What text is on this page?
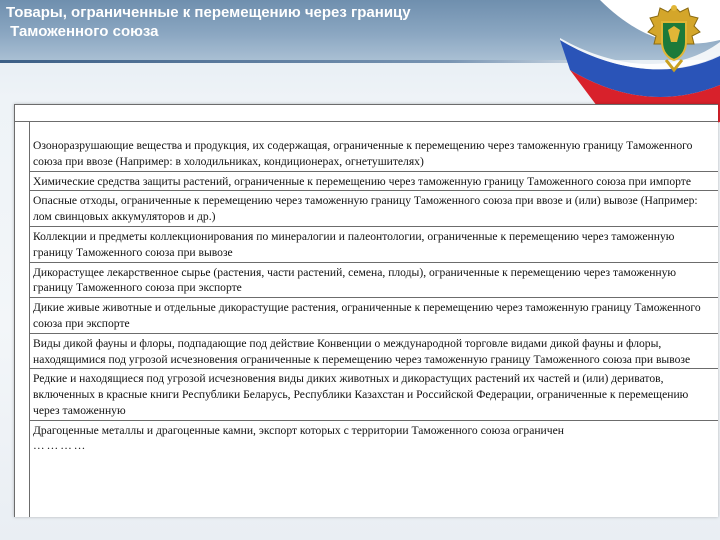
Товары, ограниченные к перемещению через границу
Таможенного союза
Озоноразрушающие вещества и продукция, их содержащая, ограниченные к перемещению через таможенную границу Таможенного союза при ввозе (Например: в холодильниках, кондиционерах, огнетушителях)
Химические средства защиты растений, ограниченные к перемещению через таможенную границу Таможенного союза при импорте
Опасные отходы, ограниченные к перемещению через таможенную границу Таможенного союза при ввозе и (или) вывозе (Например: лом свинцовых аккумуляторов и др.)
Коллекции и предметы коллекционирования по минералогии и палеонтологии, ограниченные к перемещению через таможенную границу Таможенного союза при вывозе
Дикорастущее лекарственное сырье (растения, части растений, семена, плоды), ограниченные к перемещению через таможенную границу Таможенного союза при экспорте
Дикие живые животные и отдельные дикорастущие растения, ограниченные к перемещению через таможенную границу Таможенного союза при экспорте
Виды дикой фауны и флоры, подпадающие под действие Конвенции о международной торговле видами дикой фауны и флоры, находящимися под угрозой исчезновения ограниченные к перемещению через таможенную границу Таможенного союза при вывозе
Редкие и находящиеся под угрозой исчезновения виды диких животных и дикорастущих растений их частей и (или) дериватов, включенных в красные книги Республики Беларусь, Республики Казахстан и Российской Федерации, ограниченные к перемещению через таможенную
Драгоценные металлы и драгоценные камни, экспорт которых с территории Таможенного союза ограничен
…………
